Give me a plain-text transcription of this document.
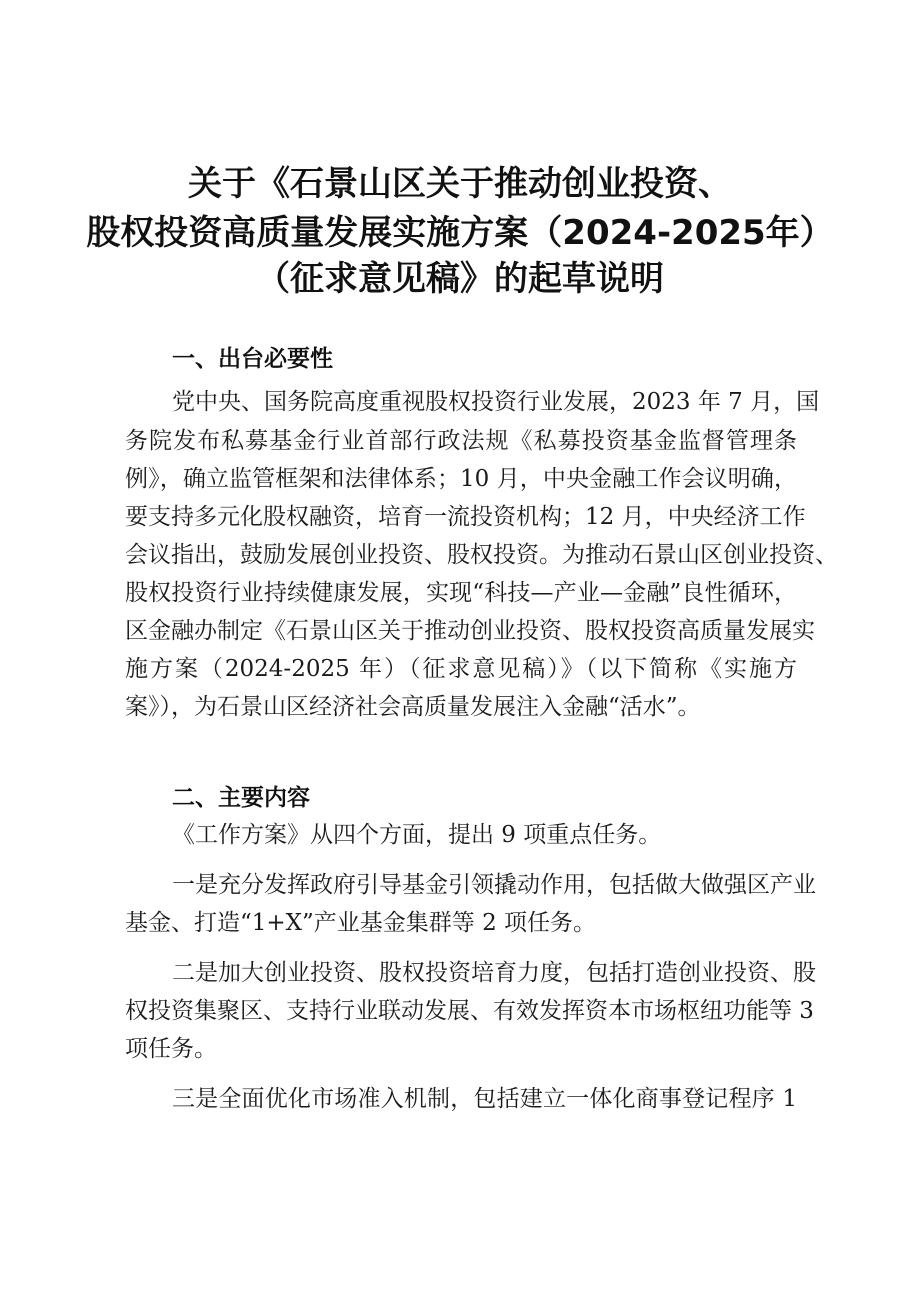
关于《石景山区关于推动创业投资、
股权投资高质量发展实施方案（2024-2025年）
（征求意见稿》的起草说明
一、出台必要性
党中央、国务院高度重视股权投资行业发展，2023 年 7 月，国
务院发布私募基金行业首部行政法规《私募投资基金监督管理条
例》，确立监管框架和法律体系；10 月，中央金融工作会议明确，
要支持多元化股权融资，培育一流投资机构；12 月，中央经济工作
会议指出，鼓励发展创业投资、股权投资。为推动石景山区创业投资、
股权投资行业持续健康发展，实现“科技—产业—金融”良性循环，
区金融办制定《石景山区关于推动创业投资、股权投资高质量发展实
施方案（2024-2025 年）（征求意见稿）》（以下简称《实施方
案》），为石景山区经济社会高质量发展注入金融“活水”。
二、主要内容
《工作方案》从四个方面，提出 9 项重点任务。
一是充分发挥政府引导基金引领撬动作用，包括做大做强区产业
基金、打造“1+X”产业基金集群等 2 项任务。
二是加大创业投资、股权投资培育力度，包括打造创业投资、股
权投资集聚区、支持行业联动发展、有效发挥资本市场枢纽功能等 3
项任务。
三是全面优化市场准入机制，包括建立一体化商事登记程序 1
